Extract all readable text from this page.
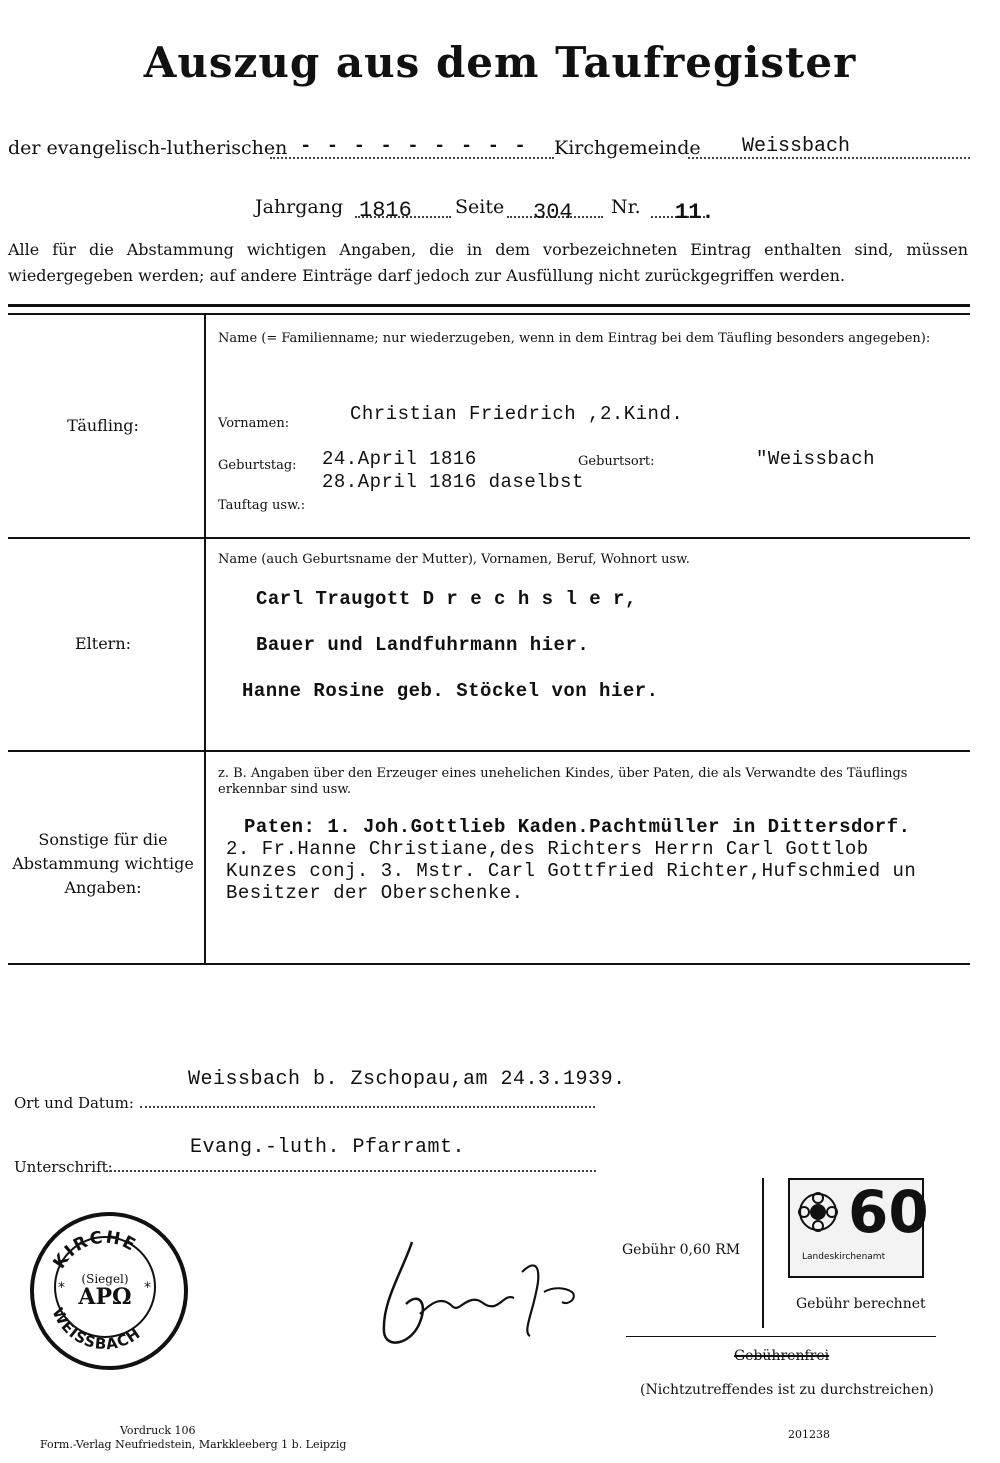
Auszug aus dem Taufregister
der evangelisch-lutherischen - - - - - - - - - Kirchgemeinde Weissbach
Jahrgang 1816 Seite 304 Nr. 11.
Alle für die Abstammung wichtigen Angaben, die in dem vorbezeichneten Eintrag enthalten sind, müssen wiedergegeben werden; auf andere Einträge darf jedoch zur Ausfüllung nicht zurückgegriffen werden.
Täufling:
Name (= Familienname; nur wiederzugeben, wenn in dem Eintrag bei dem Täufling besonders angegeben):
Vornamen:	Christian Friedrich ,2.Kind.
Geburtstag: 24.April 1816	Geburtsort:	"Weissbach
Tauftag usw.:
28.April 1816 daselbst
Eltern:
Name (auch Geburtsname der Mutter), Vornamen, Beruf, Wohnort usw.
Carl Traugott D r e c h s l e r,
Bauer und Landfuhrmann hier.
Hanne Rosine geb. Stöckel von hier.
Sonstige für die
Abstammung wichtige
Angaben:
z. B. Angaben über den Erzeuger eines unehelichen Kindes, über Paten, die als Verwandte des Täuflings erkennbar sind usw.
Paten: 1. Joh.Gottlieb Kaden.Pachtmüller in Dittersdorf.
2. Fr.Hanne Christiane,des Richters Herrn Carl Gottlob
Kunzes conj. 3. Mstr. Carl Gottfried Richter,Hufschmied un
Besitzer der Oberschenke.
Weissbach b. Zschopau,am 24.3.1939.
Ort und Datum:
Evang.-luth. Pfarramt.
Unterschrift:
KIRCHE
WEISSBACH
(Siegel)
APΩ
*	*
Gebühr 0,60 RM
60
Landeskirchenamt
Gebühr berechnet
Gebührenfrei
(Nichtzutreffendes ist zu durchstreichen)
Vordruck 106
Form.-Verlag Neufriedstein, Markkleeberg 1 b. Leipzig
201238
